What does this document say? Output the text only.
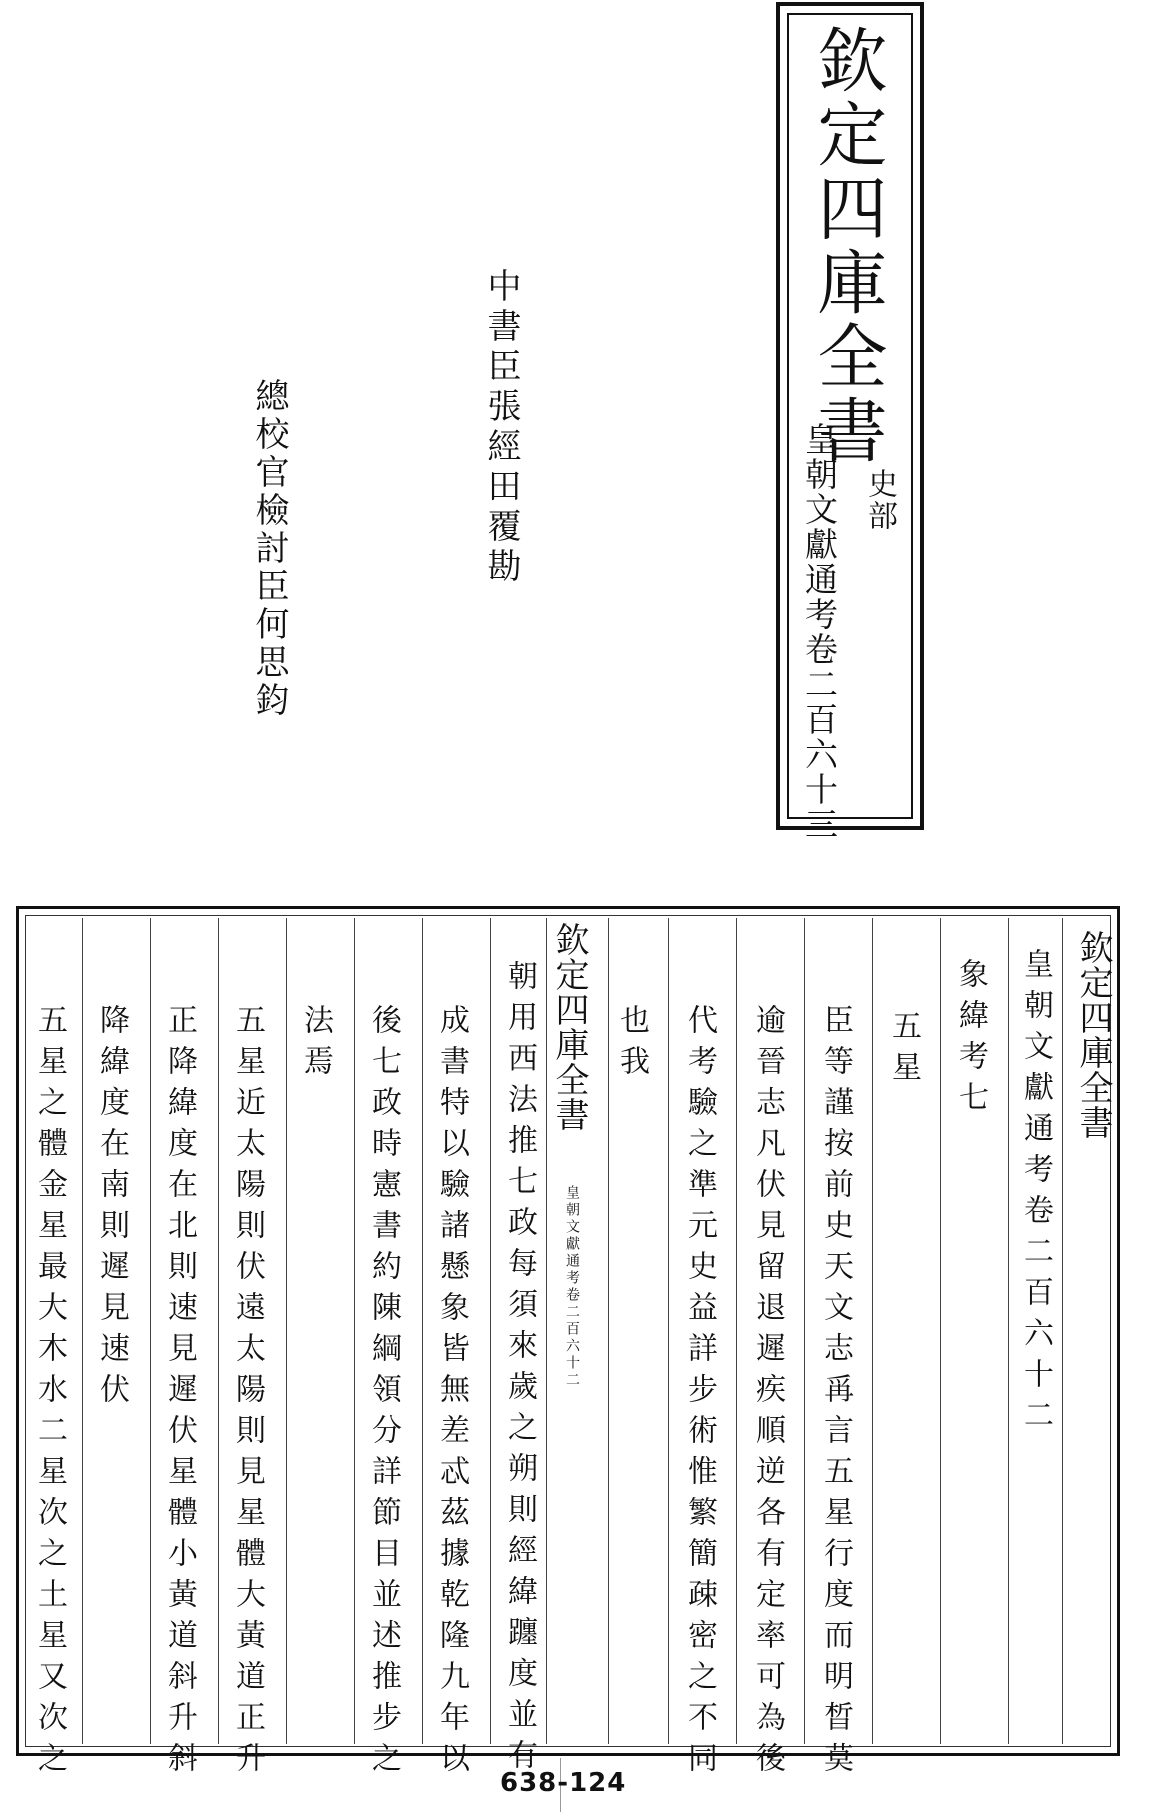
欽定四庫全書
史部
皇朝文獻通考卷二百六十三
中書臣張經田覆勘
總校官檢討臣何思鈞
欽定四庫全書
欽定四庫全書
皇朝文獻通考卷二百六十二	皇朝文獻通考卷二百六十二
象緯考七
五星
臣等謹按前史天文志爯言五星行度而明晳莫
逾晉志凡伏見留退遲疾順逆各有定率可為後
代考驗之準元史益詳步術惟繁簡疎密之不同
也我
朝用西法推七政每須來歲之朔則經緯躔度並有
成書特以驗諸懸象皆無差忒茲據乾隆九年以
後七政時憲書約陳綱領分詳節目並述推步之
法焉
五星近太陽則伏遠太陽則見星體大黃道正升
正降緯度在北則速見遲伏星體小黃道斜升斜
降緯度在南則遲見速伏
五星之體金星最大木水二星次之土星又次之	638-124
